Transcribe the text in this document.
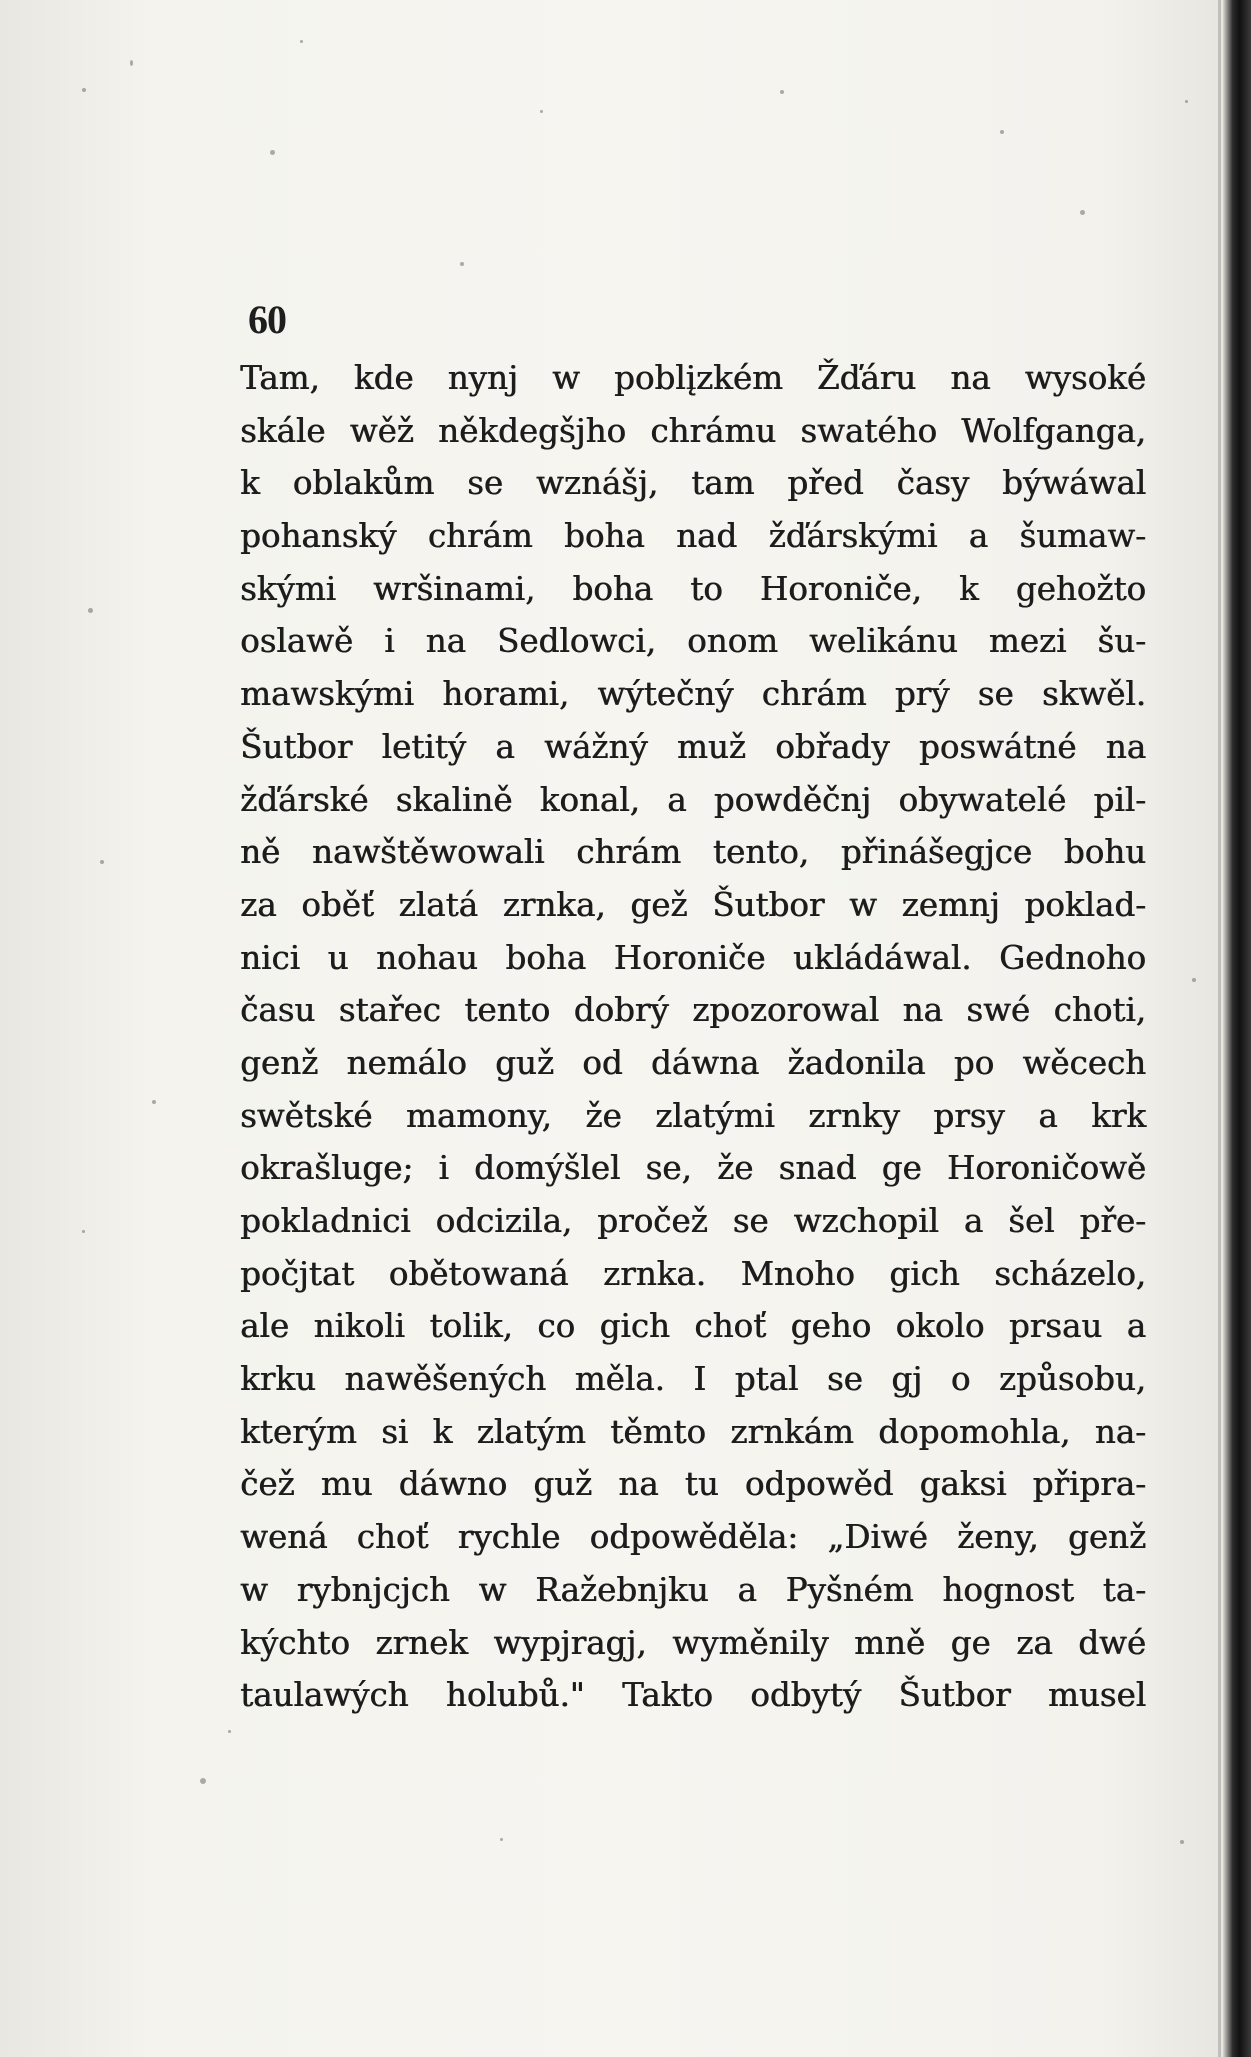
60
Tam, kde nynj w poblįzkém Žďáru na wysoké
skále wěž někdegšjho chrámu swatého Wolfganga,
k oblakům se wznášj, tam před časy býwáwal
pohanský chrám boha nad žďárskými a šumaw-
skými wršinami, boha to Horoniče, k gehožto
oslawě i na Sedlowci, onom welikánu mezi šu-
mawskými horami, wýtečný chrám prý se skwěl.
Šutbor letitý a wážný muž obřady poswátné na
žďárské skalině konal, a powděčnj obywatelé pil-
ně nawštěwowali chrám tento, přinášegjce bohu
za oběť zlatá zrnka, gež Šutbor w zemnj poklad-
nici u nohau boha Horoniče ukládáwal. Gednoho
času stařec tento dobrý zpozorowal na swé choti,
genž nemálo guž od dáwna žadonila po wěcech
swětské mamony, že zlatými zrnky prsy a krk
okrašluge; i domýšlel se, že snad ge Horoničowě
pokladnici odcizila, pročež se wzchopil a šel pře-
počjtat obětowaná zrnka. Mnoho gich scházelo,
ale nikoli tolik, co gich choť geho okolo prsau a
krku nawěšených měla. I ptal se gj o způsobu,
kterým si k zlatým těmto zrnkám dopomohla, na-
čež mu dáwno guž na tu odpowěd gaksi připra-
wená choť rychle odpowěděla: „Diwé ženy, genž
w rybnjcjch w Ražebnjku a Pyšném hognost ta-
kýchto zrnek wypjragj, wyměnily mně ge za dwé
taulawých holubů." Takto odbytý Šutbor musel
